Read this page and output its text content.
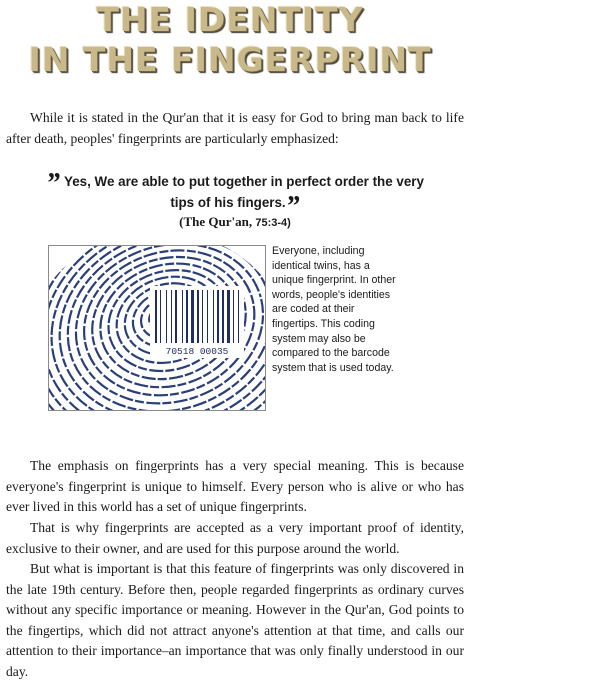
THE IDENTITY
IN THE FINGERPRINT

While it is stated in the Qur'an that it is easy for God to bring man back to life after death, peoples' fingerprints are particularly emphasized:

” Yes, We are able to put together in perfect order the very
tips of his fingers.”
(The Qur'an, 75:3-4)
70518 00035

Everyone, including identical twins, has a unique fingerprint. In other words, people's identities are coded at their fingertips. This coding system may also be compared to the barcode system that is used today.

The emphasis on fingerprints has a very special meaning. This is because everyone's fingerprint is unique to himself. Every person who is alive or who has ever lived in this world has a set of unique fingerprints.

That is why fingerprints are accepted as a very important proof of identity, exclusive to their owner, and are used for this purpose around the world.

But what is important is that this feature of fingerprints was only discovered in the late 19th century. Before then, people regarded fingerprints as ordinary curves without any specific importance or meaning. However in the Qur'an, God points to the fingertips, which did not attract anyone's attention at that time, and calls our attention to their importance–an importance that was only finally understood in our day.
